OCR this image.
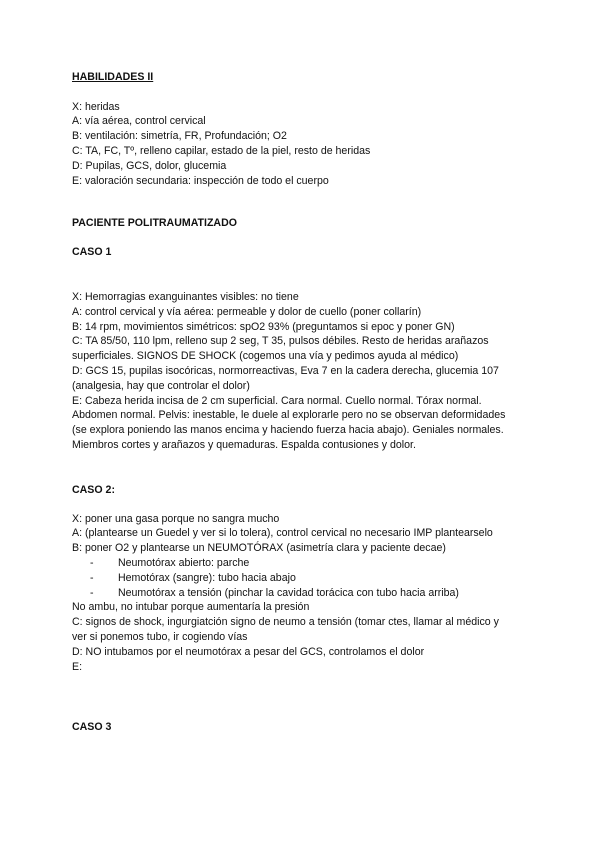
HABILIDADES II
X: heridas
A: vía aérea, control cervical
B: ventilación: simetría, FR, Profundación; O2
C: TA, FC, Tº, relleno capilar, estado de la piel, resto de heridas
D: Pupilas, GCS, dolor, glucemia
E: valoración secundaria: inspección de todo el cuerpo
PACIENTE POLITRAUMATIZADO
CASO 1
X: Hemorragias exanguinantes visibles: no tiene
A: control cervical y vía aérea: permeable y dolor de cuello (poner collarín)
B: 14 rpm, movimientos simétricos: spO2 93% (preguntamos si epoc y poner GN)
C: TA 85/50, 110 lpm, relleno sup 2 seg, T 35, pulsos débiles. Resto de heridas arañazos
superficiales. SIGNOS DE SHOCK (cogemos una vía y pedimos ayuda al médico)
D: GCS 15, pupilas isocóricas, normorreactivas, Eva 7 en la cadera derecha, glucemia 107
(analgesia, hay que controlar el dolor)
E: Cabeza herida incisa de 2 cm superficial. Cara normal. Cuello normal. Tórax normal.
Abdomen normal. Pelvis: inestable, le duele al explorarle pero no se observan deformidades
(se explora poniendo las manos encima y haciendo fuerza hacia abajo). Geniales normales.
Miembros cortes y arañazos y quemaduras. Espalda contusiones y dolor.
CASO 2:
X: poner una gasa porque no sangra mucho
A: (plantearse un Guedel y ver si lo tolera), control cervical no necesario IMP plantearselo
B: poner O2 y plantearse un NEUMOTÓRAX (asimetría clara y paciente decae)
-	Neumotórax abierto: parche
-	Hemotórax (sangre): tubo hacia abajo
-	Neumotórax a tensión (pinchar la cavidad torácica con tubo hacia arriba)
No ambu, no intubar porque aumentaría la presión
C: signos de shock, ingurgiatción signo de neumo a tensión (tomar ctes, llamar al médico y
ver si ponemos tubo, ir cogiendo vías
D: NO intubamos por el neumotórax a pesar del GCS, controlamos el dolor
E:
CASO 3
